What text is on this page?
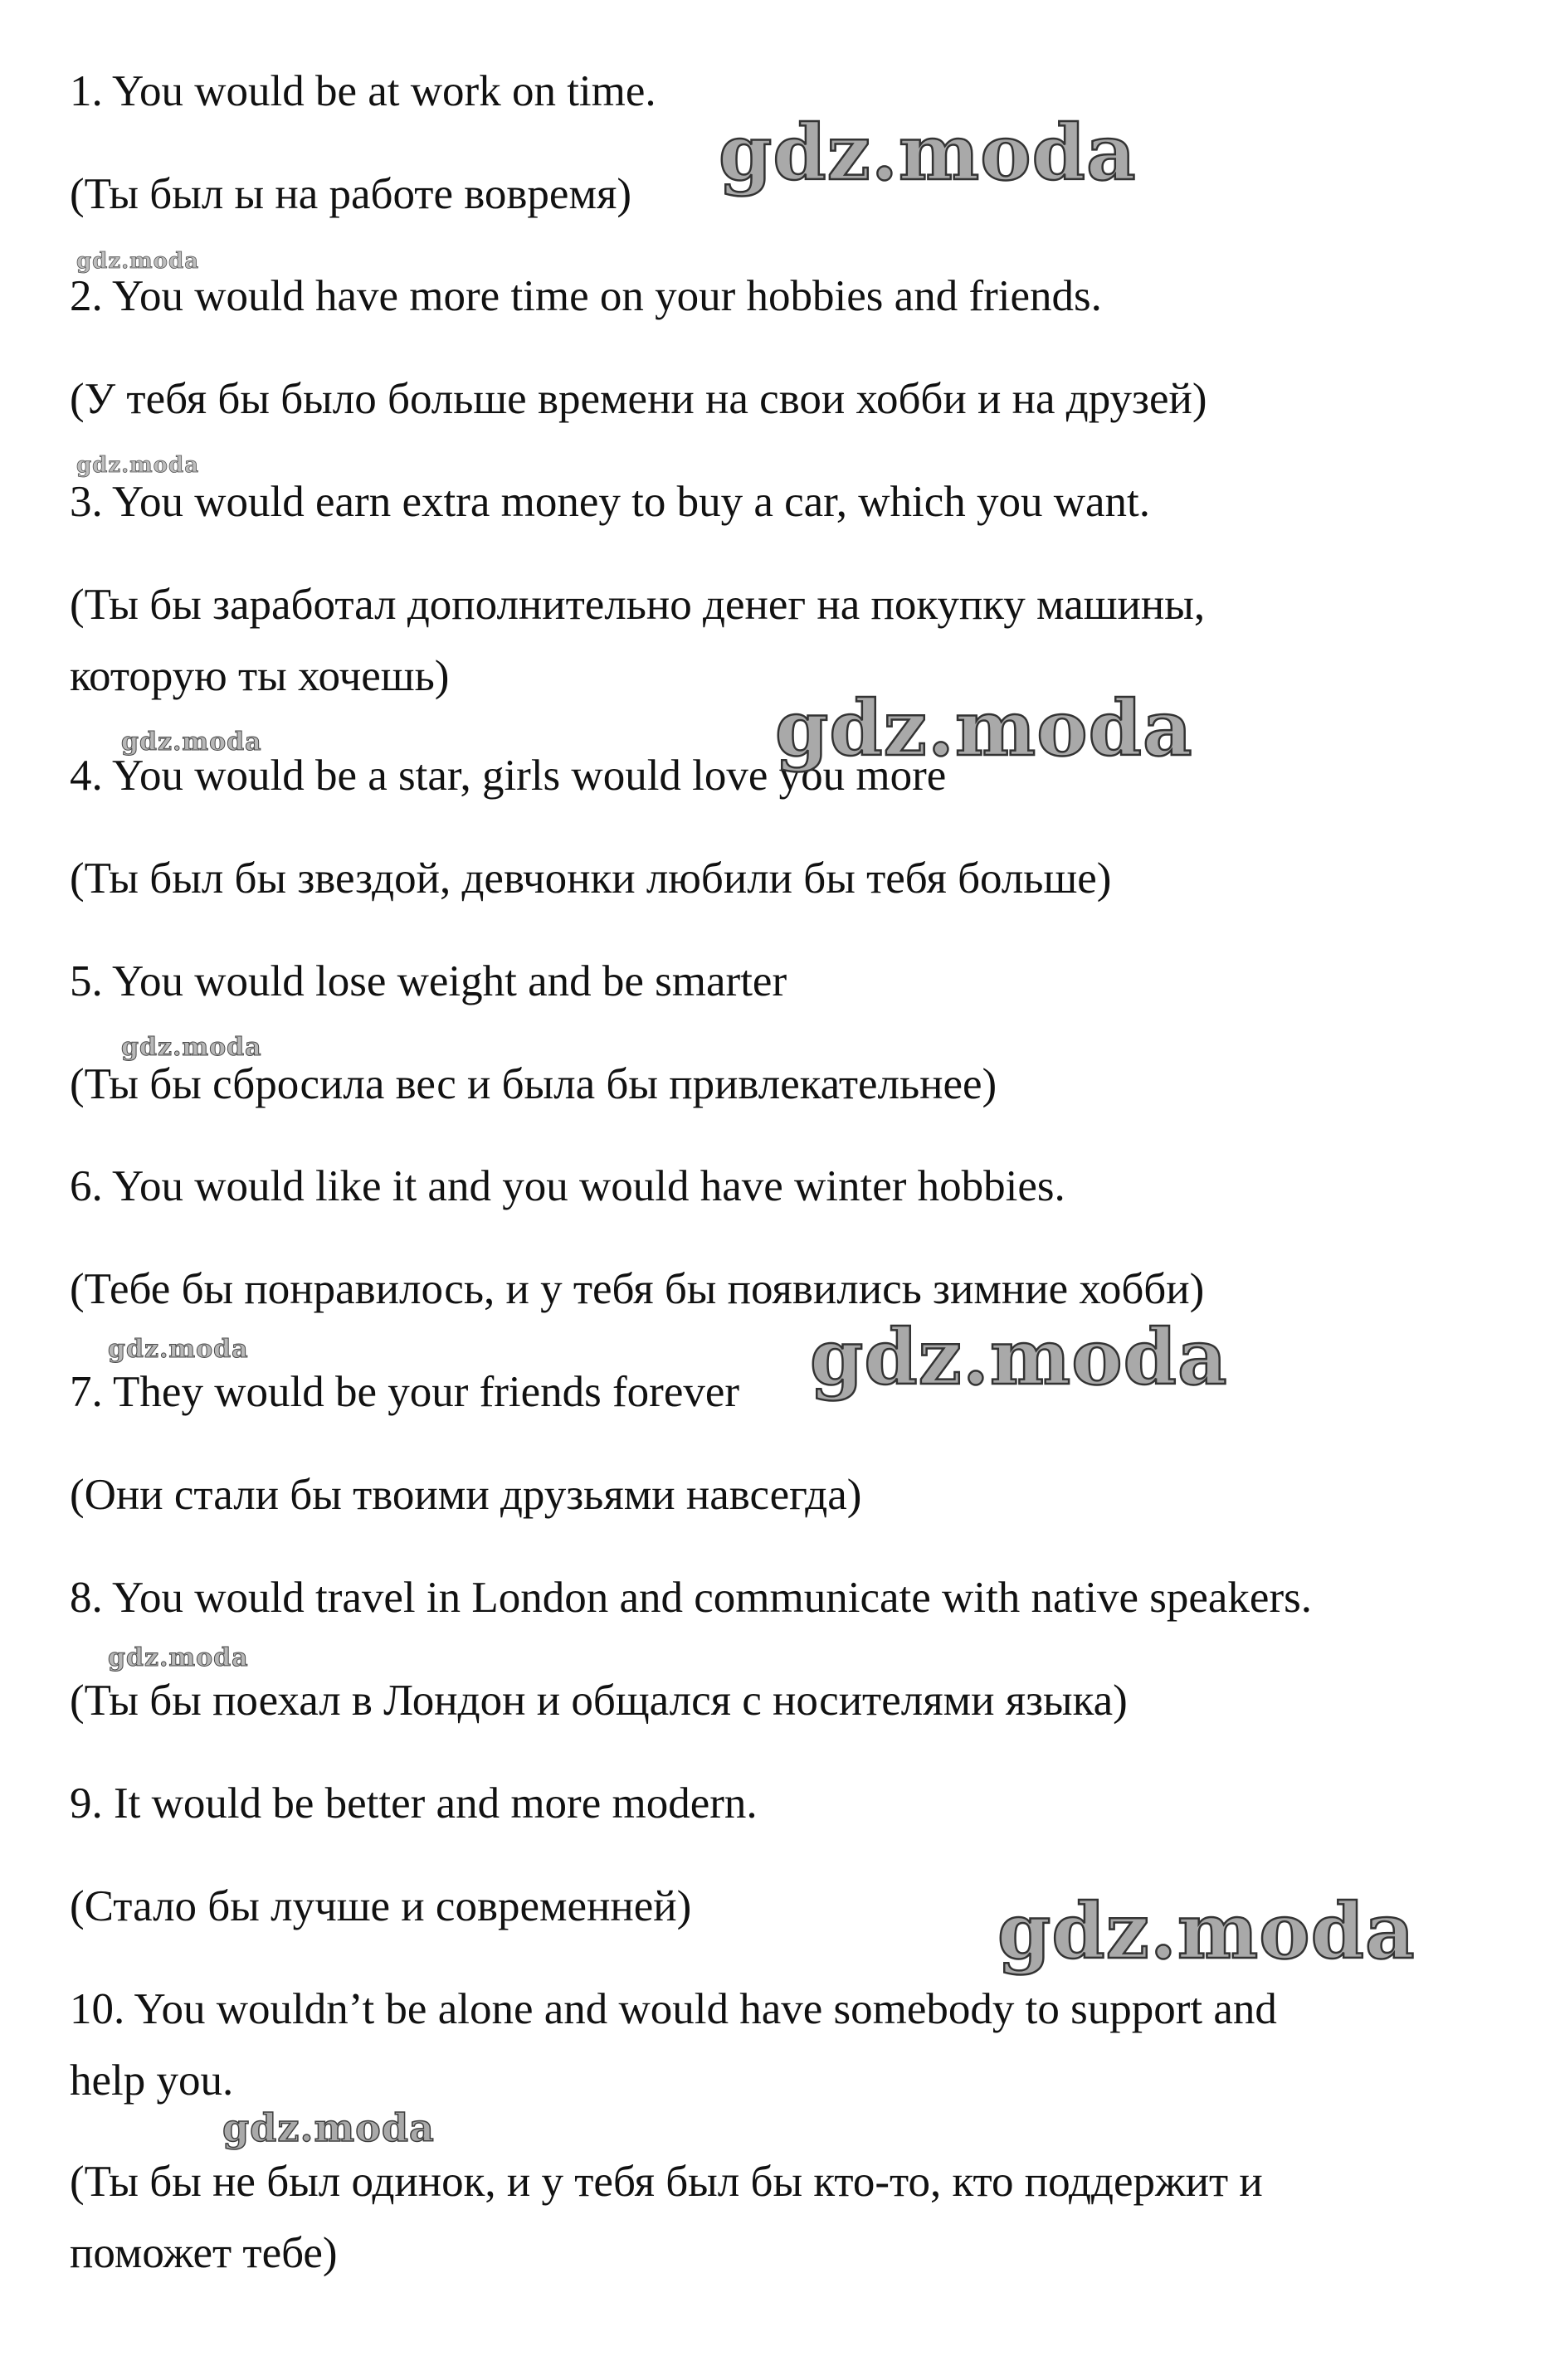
1. You would be at work on time.
(Ты был ы на работе вовремя)
2. You would have more time on your hobbies and friends.
(У тебя бы было больше времени на свои хобби и на друзей)
3. You would earn extra money to buy a car, which you want.
(Ты бы заработал дополнительно денег на покупку машины,
которую ты хочешь)
4. You would be a star, girls would love you more
(Ты был бы звездой, девчонки любили бы тебя больше)
5. You would lose weight and be smarter
(Ты бы сбросила вес и была бы привлекательнее)
6. You would like it and you would have winter hobbies.
(Тебе бы понравилось, и у тебя бы появились зимние хобби)
7. They would be your friends forever
(Они стали бы твоими друзьями навсегда)
8. You would travel in London and communicate with native speakers.
(Ты бы поехал в Лондон и общался с носителями языка)
9. It would be better and more modern.
(Стало бы лучше и современней)
10. You wouldn’t be alone and would have somebody to support and
help you.
(Ты бы не был одинок, и у тебя был бы кто-то, кто поддержит и
поможет тебе)
gdz.moda
gdz.moda
gdz.moda
gdz.moda
gdz.moda
gdz.moda
gdz.moda	gdz.moda
gdz.moda
gdz.moda
gdz.moda
